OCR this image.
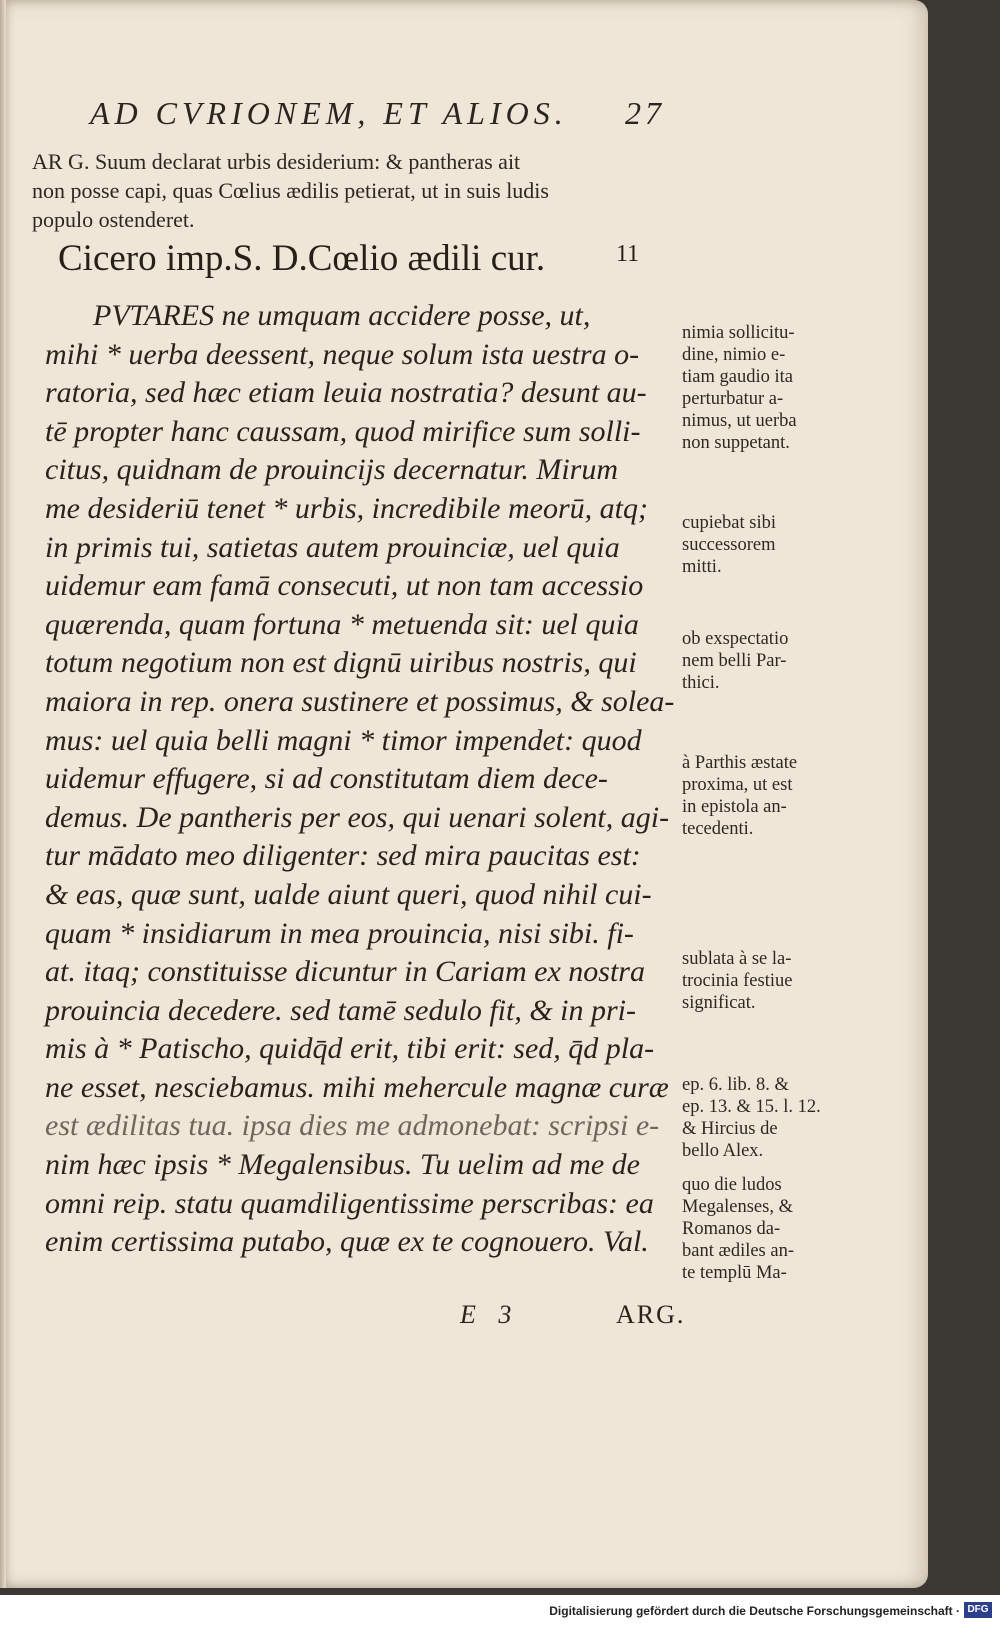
AD CVRIONEM, ET ALIOS. 27
AR G. Suum declarat urbis desiderium: & pantheras ait
non posse capi, quas Cœlius ædilis petierat, ut in suis ludis
populo ostenderet.
Cicero imp.S. D.Cœlio ædili cur.	11
PVTARES ne umquam accidere posse, ut,
mihi * uerba deessent, neque solum ista uestra o-
ratoria, sed hæc etiam leuia nostratia? desunt au-
tē propter hanc caussam, quod mirifice sum solli-
citus, quidnam de prouincijs decernatur. Mirum
me desideriū tenet * urbis, incredibile meorū, atq;
in primis tui, satietas autem prouinciæ, uel quia
uidemur eam famā consecuti, ut non tam accessio
quærenda, quam fortuna * metuenda sit: uel quia
totum negotium non est dignū uiribus nostris, qui
maiora in rep. onera sustinere et possimus, & solea-
mus: uel quia belli magni * timor impendet: quod
uidemur effugere, si ad constitutam diem dece-
demus. De pantheris per eos, qui uenari solent, agi-
tur mādato meo diligenter: sed mira paucitas est:
& eas, quæ sunt, ualde aiunt queri, quod nihil cui-
quam * insidiarum in mea prouincia, nisi sibi. fi-
at. itaq; constituisse dicuntur in Cariam ex nostra
prouincia decedere. sed tamē sedulo fit, & in pri-
mis à * Patischo, quidq̄d erit, tibi erit: sed, q̄d pla-
ne esset, nesciebamus. mihi mehercule magnæ curæ
est ædilitas tua. ipsa dies me admonebat: scripsi e-
nim hæc ipsis * Megalensibus. Tu uelim ad me de
omni reip. statu quamdiligentissime perscribas: ea
enim certissima putabo, quæ ex te cognouero. Val.
nimia sollicitu-
dine, nimio e-
tiam gaudio ita
perturbatur a-
nimus, ut uerba
non suppetant.
cupiebat sibi
successorem
mitti.
ob exspectatio
nem belli Par-
thici.
à Parthis æstate
proxima, ut est
in epistola an-
tecedenti.
sublata à se la-
trocinia festiue
significat.
ep. 6. lib. 8. &
ep. 13. & 15. l. 12.
& Hircius de
bello Alex.
quo die ludos
Megalenses, &
Romanos da-
bant ædiles an-
te templū Ma-
E 3	ARG.
Digitalisierung gefördert durch die Deutsche Forschungsgemeinschaft · DFG
